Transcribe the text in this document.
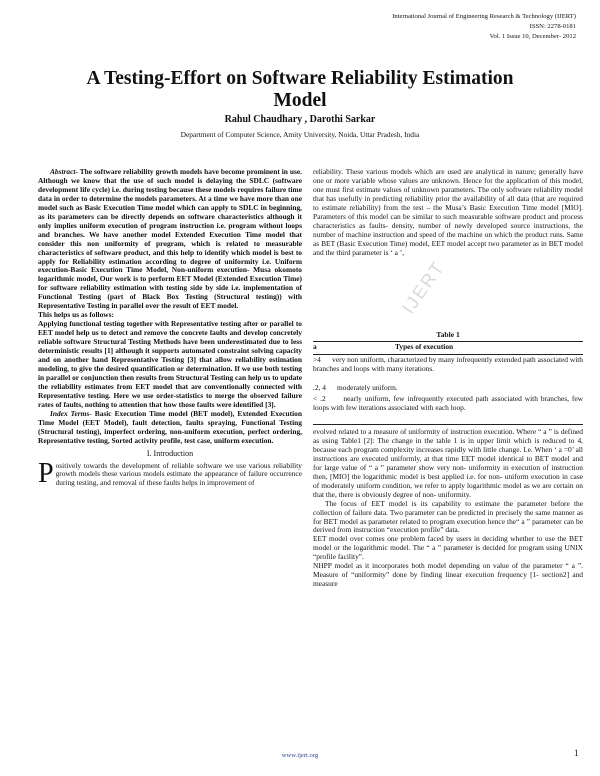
International Journal of Engineering Research & Technology (IJERT)
ISSN: 2278-0181
Vol. 1 Issue 10, December- 2012
A Testing-Effort on Software Reliability Estimation
Model
Rahul Chaudhary , Darothi Sarkar
Department of Computer Science, Amity University, Noida, Uttar Pradesh, India
IJERT

Abstract- The software reliability growth models have become prominent in use. Although we know that the use of such model is delaying the SDLC (software development life cycle) i.e. during testing because these models requires failure time data in order to determine the models parameters. At a time we have more than one model such as Basic Execution Time model which can apply to SDLC in beginning, as its parameters can be directly depends on software characteristics although it only implies uniform execution of program instruction i.e. program without loops and branches. We have another model Extended Execution Time model that consider this non uniformity of program, which is related to measurable characteristics of software product, and this help to identify which model is best to apply for Reliability estimation according to degree of uniformity i.e. Uniform execution-Basic Execution Time Model, Non-uniform execution- Musa okomoto logarithmic model, Our work is to perform EET Model (Extended Execution Time) for software reliability estimation with testing side by side i.e. implementation of Functional Testing (part of Black Box Testing (Structural testing)) with Representative Testing in parallel over the result of EET model.

This helps us as follows:

Applying functional testing together with Representative testing after or parallel to EET model help us to detect and remove the concrete faults and develop concretely reliable software Structural Testing Methods have been underestimated due to less deterministic results [1] although it supports automated constraint solving capacity and on another hand Representative Testing [3] that allow reliability estimation modeling, to give the desired quantification or determination. If we use both testing in parallel or conjunction then results from Structural Testing can help us to update the reliability estimates from EET model that are conventionally connected with Representative testing. Here we use order-statistics to merge the observed failure rates of faults, nothing to attention that how those faults were identified [3].

Index Terms- Basic Execution Time model (BET model), Extended Execution Time Model (EET Model), fault detection, faults spraying, Functional Testing (Structural testing), imperfect ordering, non-uniform execution, perfect ordering, Representative testing, Sorted activity profile, test case, uniform execution.

I. Introduction

Positively towards the development of reliable software we use various reliability growth models these various models estimate the appearance of failure occurrence during testing, and removal of these faults helps in improvement of

reliability. These various models which are used are analytical in nature; generally have one or more variable whose values are unknown. Hence for the application of this model, one must first estimate values of unknown parameters. The only software reliability model that has usefully in predicting reliability prior the availability of all data (that are required to estimate reliability) from the test – the Musa’s Basic Execution Time model [MIO]. Parameters of this model can be similar to such measurable software product and process characteristics as faults- density, number of newly developed source instructions, the number of machine instruction and speed of the machine on which the product runs. Same as BET (Basic Execution Time) model, EET model accept two parameter as in BET model and the third parameter is ‘ a ’,

Table 1
a	Types of execution
>4 very non uniform, characterized by many infrequently extended path associated with branches and loops with many iterations.
.2, 4 moderately uniform.
< .2 nearly uniform, few infrequently executed path associated with branches, few loops with few iterations associated with each loop.

evolved related to a measure of uniformity of instruction execution. Where “ a ” is defined as using Table1 [2]: The change in the table 1 is in upper limit which is reduced to 4, because each program complexity increases rapidly with little change. I.e. When ‘ a =0’ all instructions are executed uniformly, at that time EET model identical to BET model and for large value of “ a ” parameter show very non- uniformity in execution of instruction then, [MIO] the logarithmic model is best applied i.e. for non- uniform execution in case of moderately uniform condition, we refer to apply logarithmic model as we are certain on that the, there is obviously degree of non- uniformity.

The focus of EET model is its capability to estimate the parameter before the collection of failure data. Two parameter can be predicted in precisely the same manner as for BET model as parameter related to program execution hence the“ a ” parameter can be derived from instruction “execution profile” data.

EET model over comes one problem faced by users in deciding whether to use the BET model or the logarithmic model. The “ a ” parameter is decided for program using UNIX “profile facility”.

NHPP model as it incorporates both model depending on value of the parameter “ a ”. Measure of “uniformity” done by finding linear execution frequency [1- section2] and measure

www.ijert.org	1
